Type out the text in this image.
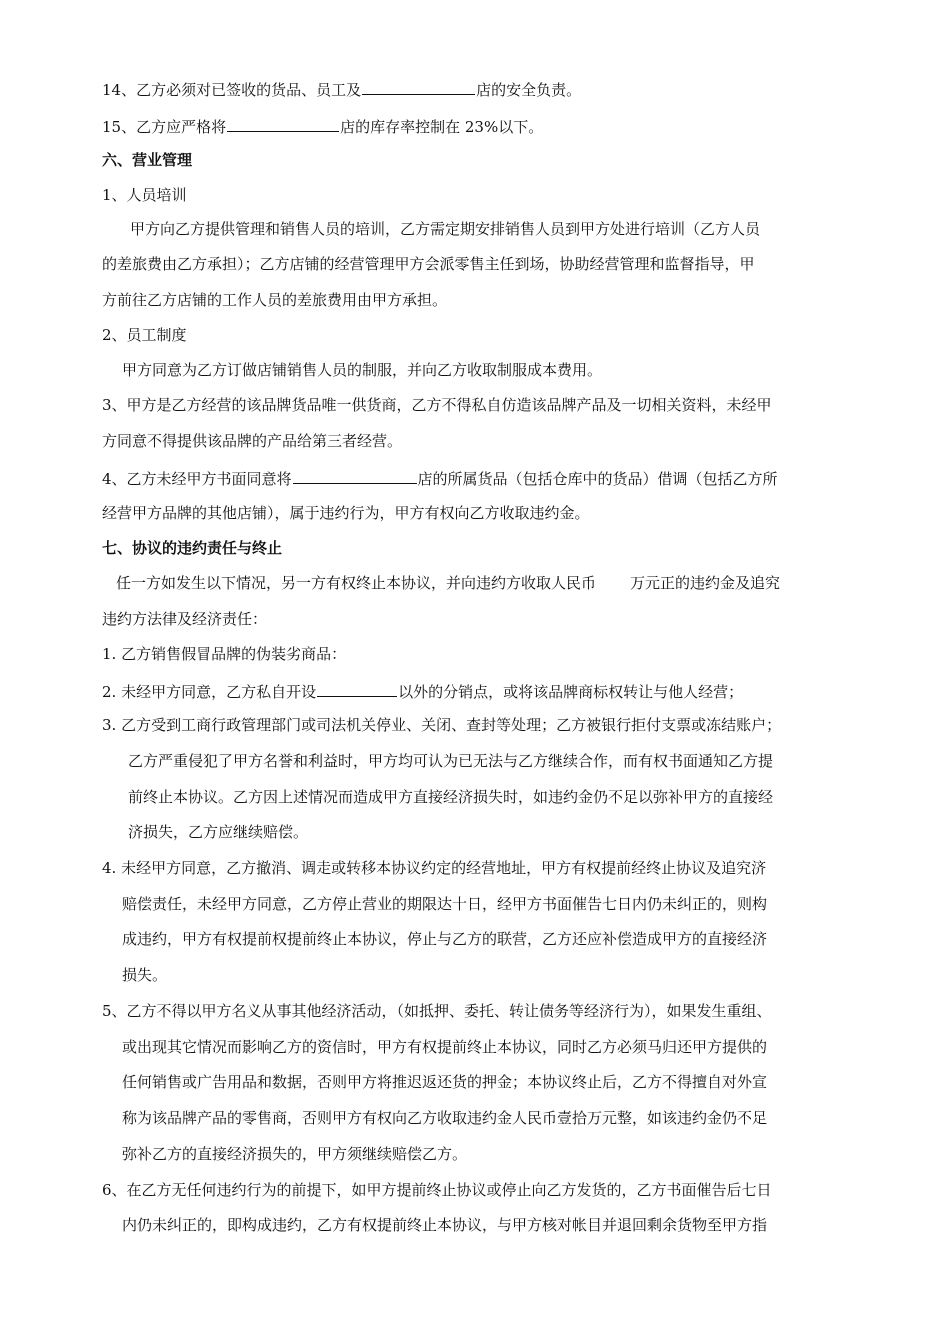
14、乙方必须对已签收的货品、员工及	店的安全负责。
15、乙方应严格将	店的库存率控制在 23%以下。
六、营业管理
1、人员培训
甲方向乙方提供管理和销售人员的培训，乙方需定期安排销售人员到甲方处进行培训（乙方人员
的差旅费由乙方承担）；乙方店铺的经营管理甲方会派零售主任到场，协助经营管理和监督指导，甲
方前往乙方店铺的工作人员的差旅费用由甲方承担。
2、员工制度
甲方同意为乙方订做店铺销售人员的制服，并向乙方收取制服成本费用。
3、甲方是乙方经营的该品牌货品唯一供货商，乙方不得私自仿造该品牌产品及一切相关资料，未经甲
方同意不得提供该品牌的产品给第三者经营。
4、乙方未经甲方书面同意将	店的所属货品（包括仓库中的货品）借调（包括乙方所
经营甲方品牌的其他店铺），属于违约行为，甲方有权向乙方收取违约金。
七、协议的违约责任与终止
任一方如发生以下情况，另一方有权终止本协议，并向违约方收取人民币 万元正的违约金及追究
违约方法律及经济责任：
1. 乙方销售假冒品牌的伪装劣商品：
2. 未经甲方同意，乙方私自开设	以外的分销点，或将该品牌商标权转让与他人经营；
3. 乙方受到工商行政管理部门或司法机关停业、关闭、查封等处理；乙方被银行拒付支票或冻结账户；
乙方严重侵犯了甲方名誉和利益时，甲方均可认为已无法与乙方继续合作，而有权书面通知乙方提
前终止本协议。乙方因上述情况而造成甲方直接经济损失时，如违约金仍不足以弥补甲方的直接经
济损失，乙方应继续赔偿。
4. 未经甲方同意，乙方撤消、调走或转移本协议约定的经营地址，甲方有权提前经终止协议及追究济
赔偿责任，未经甲方同意，乙方停止营业的期限达十日，经甲方书面催告七日内仍未纠正的，则构
成违约，甲方有权提前权提前终止本协议，停止与乙方的联营，乙方还应补偿造成甲方的直接经济
损失。
5、乙方不得以甲方名义从事其他经济活动，（如抵押、委托、转让债务等经济行为），如果发生重组、
或出现其它情况而影响乙方的资信时，甲方有权提前终止本协议，同时乙方必须马归还甲方提供的
任何销售或广告用品和数据，否则甲方将推迟返还货的押金；本协议终止后，乙方不得擅自对外宣
称为该品牌产品的零售商，否则甲方有权向乙方收取违约金人民币壹拾万元整，如该违约金仍不足
弥补乙方的直接经济损失的，甲方须继续赔偿乙方。
6、在乙方无任何违约行为的前提下，如甲方提前终止协议或停止向乙方发货的，乙方书面催告后七日
内仍未纠正的，即构成违约，乙方有权提前终止本协议，与甲方核对帐目并退回剩余货物至甲方指
